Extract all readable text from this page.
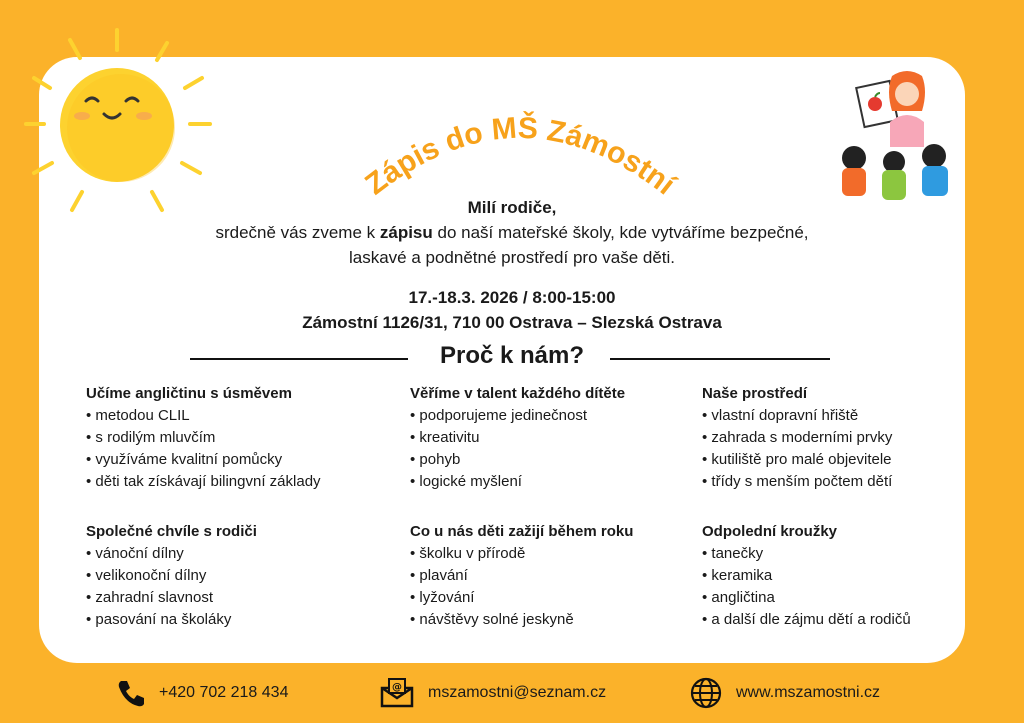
Zápis do MŠ Zámostní
Milí rodiče,
srdečně vás zveme k zápisu do naší mateřské školy, kde vytváříme bezpečné,
laskavé a podnětné prostředí pro vaše děti.
17.-18.3. 2026 / 8:00-15:00
Zámostní 1126/31, 710 00 Ostrava – Slezská Ostrava
Proč k nám?
Učíme angličtinu s úsměvem
• metodou CLIL
• s rodilým mluvčím
• využíváme kvalitní pomůcky
• děti tak získávají bilingvní základy
Věříme v talent každého dítěte
• podporujeme jedinečnost
• kreativitu
• pohyb
• logické myšlení
Naše prostředí
• vlastní dopravní hřiště
• zahrada s moderními prvky
• kutiliště pro malé objevitele
• třídy s menším počtem dětí
Společné chvíle s rodiči
• vánoční dílny
• velikonoční dílny
• zahradní slavnost
• pasování na školáky
Co u nás děti zažijí během roku
• školku v přírodě
• plavání
• lyžování
• návštěvy solné jeskyně
Odpolední kroužky
• tanečky
• keramika
• angličtina
• a další dle zájmu dětí a rodičů
+420 702 218 434	@ mszamostni@seznam.cz	www.mszamostni.cz
